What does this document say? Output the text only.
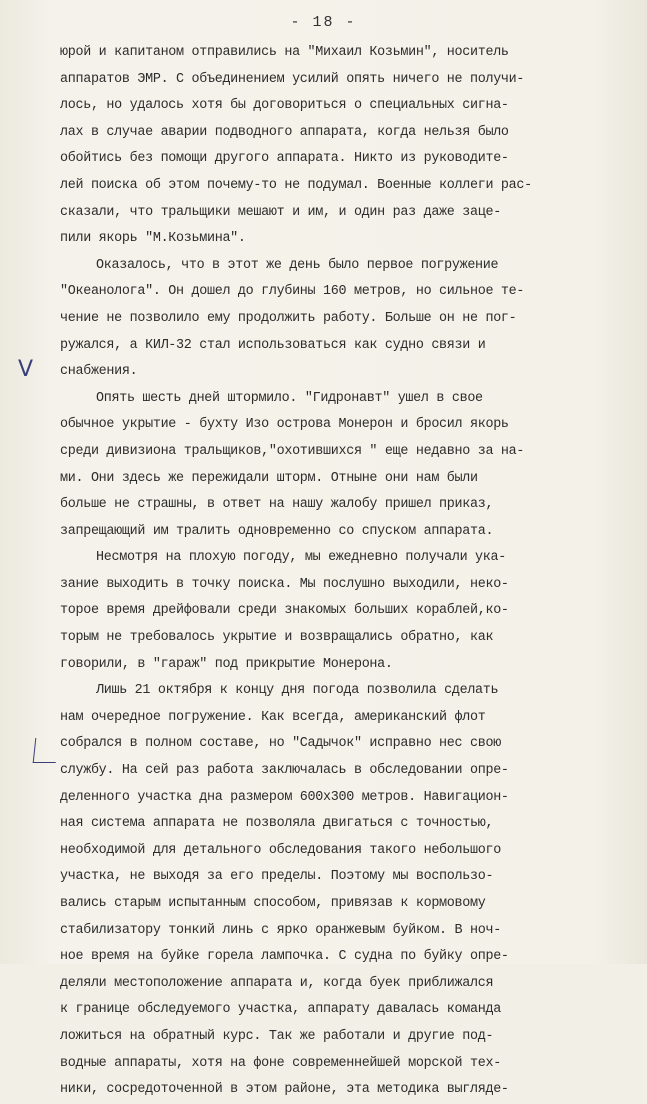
- 18 -
V
юрой и капитаном отправились на "Михаил Козьмин", носитель
аппаратов ЭМР. С объединением усилий опять ничего не получи-
лось, но удалось хотя бы договориться о специальных сигна-
лах в случае аварии подводного аппарата, когда нельзя было
обойтись без помощи другого аппарата. Никто из руководите-
лей поиска об этом почему-то не подумал. Военные коллеги рас-
сказали, что тральщики мешают и им, и один раз даже зацe-
пили якорь "М.Козьмина".
Оказалось, что в этот же день было первое погружение
"Океанолога". Он дошел до глубины 160 метров, но сильное те-
чение не позволило ему продолжить работу. Больше он не пог-
ружался, а КИЛ-32 стал использоваться как судно связи и
снабжения.
Опять шесть дней штормило. "Гидронавт" ушел в свое
обычное укрытие - бухту Изо острова Монерон и бросил якорь
среди дивизиона тральщиков,"охотившихся " еще недавно за на-
ми. Они здесь же пережидали шторм. Отныне они нам были
больше не страшны, в ответ на нашу жалобу пришел приказ,
запрещающий им тралить одновременно со спуском аппарата.
Несмотря на плохую погоду, мы ежедневно получали ука-
зание выходить в точку поиска. Мы послушно выходили, неко-
торое время дрейфовали среди знакомых больших кораблей,ко-
торым не требовалось укрытие и возвращались обратно, как
говорили, в "гараж" под прикрытие Монерона.
Лишь 21 октября к концу дня погода позволила сделать
нам очередное погружение. Как всегда, американский флот
собрался в полном составе, но "Садычок" исправно нес свою
службу. На сей раз работа заключалась в обследовании опре-
деленного участка дна размером 600х300 метров. Навигацион-
ная система аппарата не позволяла двигаться с точностью,
необходимой для детального обследования такого небольшого
участка, не выходя за его пределы. Поэтому мы воспользо-
вались старым испытанным способом, привязав к кормовому
стабилизатору тонкий линь с ярко оранжевым буйком. В ноч-
ное время на буйке горела лампочка. С судна по буйку опре-
деляли местоположение аппарата и, когда буек приближался
к границе обследуемого участка, аппарату давалась команда
ложиться на обратный курс. Так же работали и другие под-
водные аппараты, хотя на фоне современнейшей морской тех-
ники, сосредоточенной в этом районе, эта методика выгляде-
